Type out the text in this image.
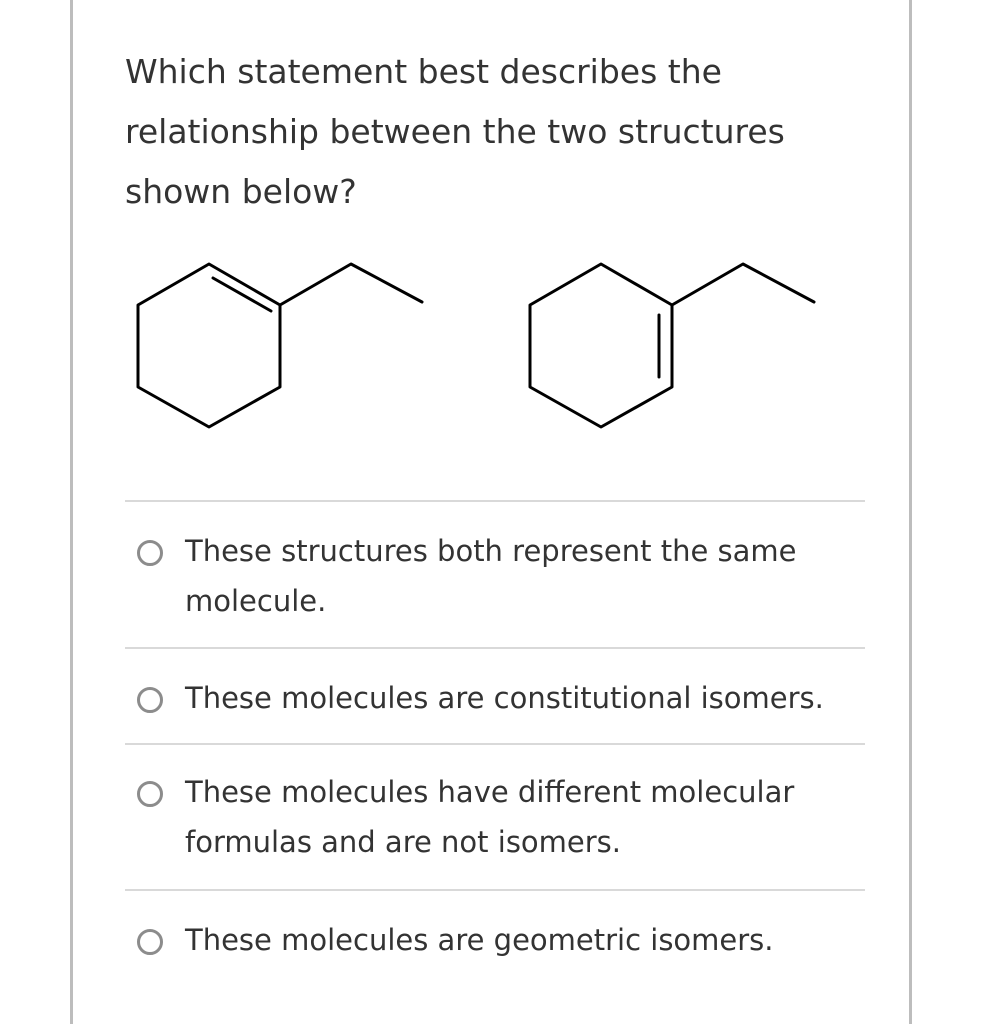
Which statement best describes the relationship between the two structures shown below?

These structures both represent the same molecule.
These molecules are constitutional isomers.
These molecules have different molecular formulas and are not isomers.
These molecules are geometric isomers.
